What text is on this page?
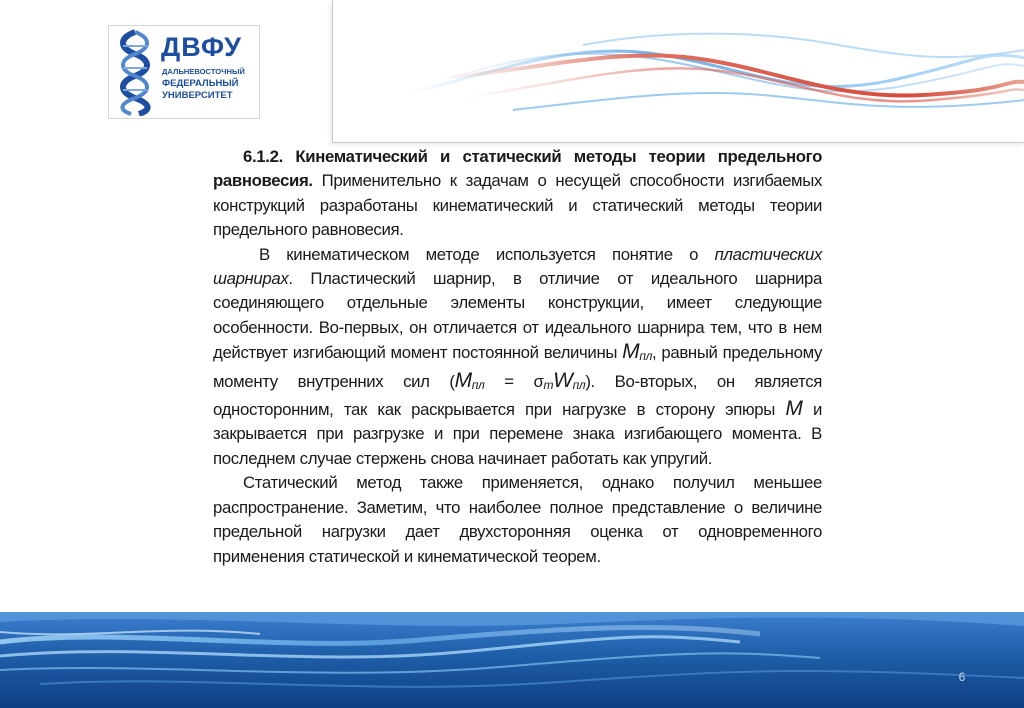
ДВФУ
ДАЛЬНЕВОСТОЧНЫЙ
ФЕДЕРАЛЬНЫЙ
УНИВЕРСИТЕТ

6.1.2. Кинематический и статический методы теории предельного равновесия. Применительно к задачам о несущей способности изгибаемых конструкций разработаны кинематический и статический методы теории предельного равновесия.

В кинематическом методе используется понятие о пластических шарнирах. Пластический шарнир, в отличие от идеального шарнира соединяющего отдельные элементы конструкции, имеет следующие особенности. Во-первых, он отличается от идеального шарнира тем, что в нем действует изгибающий момент постоянной величины Mпл, равный предельному моменту внутренних сил (Mпл = σmWпл). Во-вторых, он является односторонним, так как раскрывается при нагрузке в сторону эпюры M и закрывается при разгрузке и при перемене знака изгибающего момента. В последнем случае стержень снова начинает работать как упругий.

Статический метод также применяется, однако получил меньшее распространение. Заметим, что наиболее полное представление о величине предельной нагрузки дает двухсторонняя оценка от одновременного применения статической и кинематической теорем.

6
